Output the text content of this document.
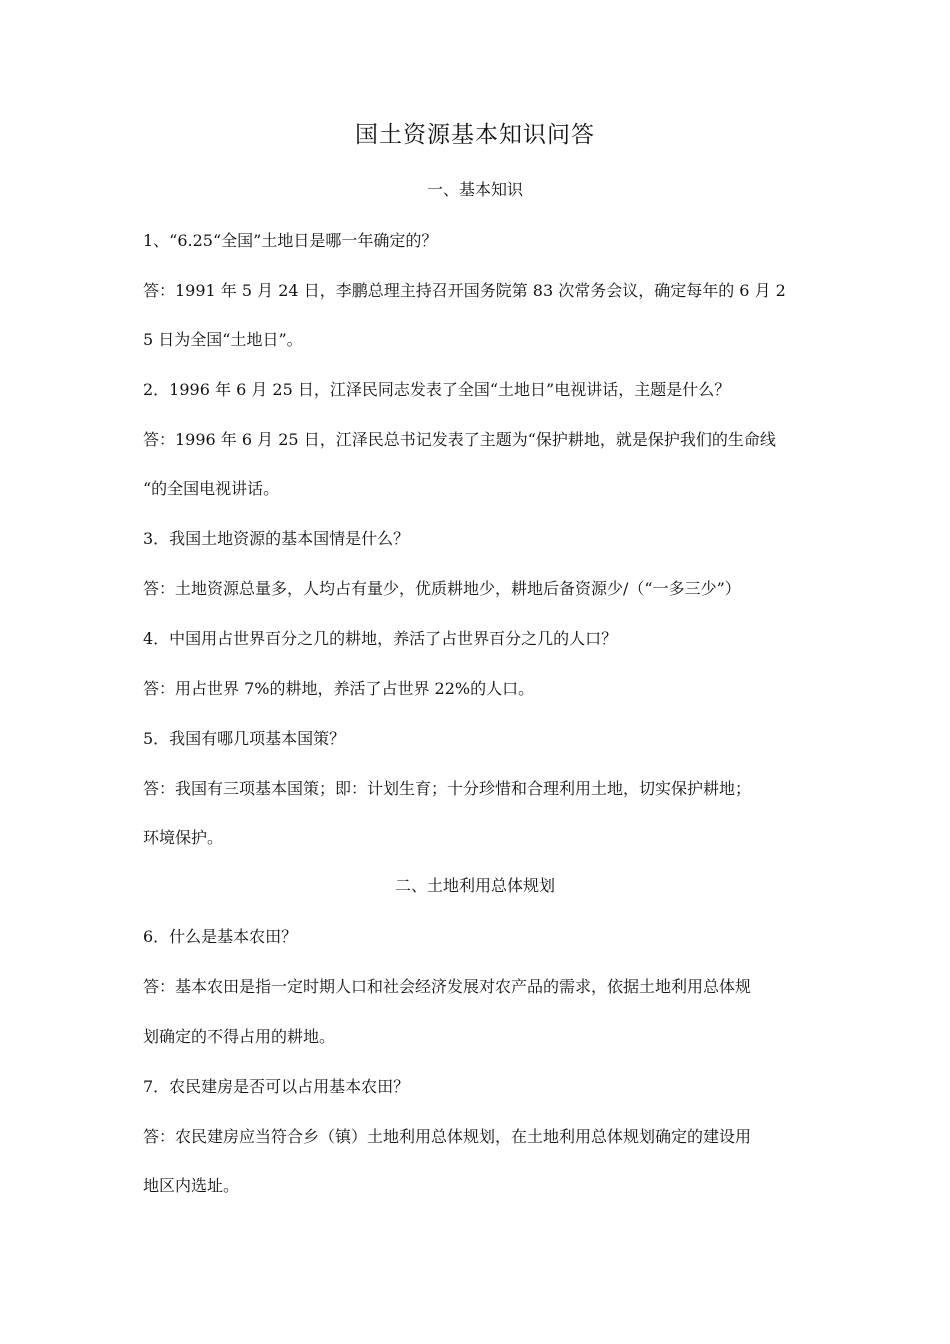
国土资源基本知识问答
一、基本知识
1、“6.25“全国”土地日是哪一年确定的？
答：1991 年 5 月 24 日，李鹏总理主持召开国务院第 83 次常务会议，确定每年的 6 月 2
5 日为全国“土地日”。
2．1996 年 6 月 25 日，江泽民同志发表了全国“土地日”电视讲话，主题是什么？
答：1996 年 6 月 25 日，江泽民总书记发表了主题为“保护耕地，就是保护我们的生命线
“的全国电视讲话。
3．我国土地资源的基本国情是什么？
答：土地资源总量多，人均占有量少，优质耕地少，耕地后备资源少/（“一多三少”）
4．中国用占世界百分之几的耕地，养活了占世界百分之几的人口？
答：用占世界 7%的耕地，养活了占世界 22%的人口。
5．我国有哪几项基本国策？
答：我国有三项基本国策；即：计划生育；十分珍惜和合理利用土地，切实保护耕地；
环境保护。
二、土地利用总体规划
6．什么是基本农田？
答：基本农田是指一定时期人口和社会经济发展对农产品的需求，依据土地利用总体规
划确定的不得占用的耕地。
7．农民建房是否可以占用基本农田？
答：农民建房应当符合乡（镇）土地利用总体规划，在土地利用总体规划确定的建设用
地区内选址。
